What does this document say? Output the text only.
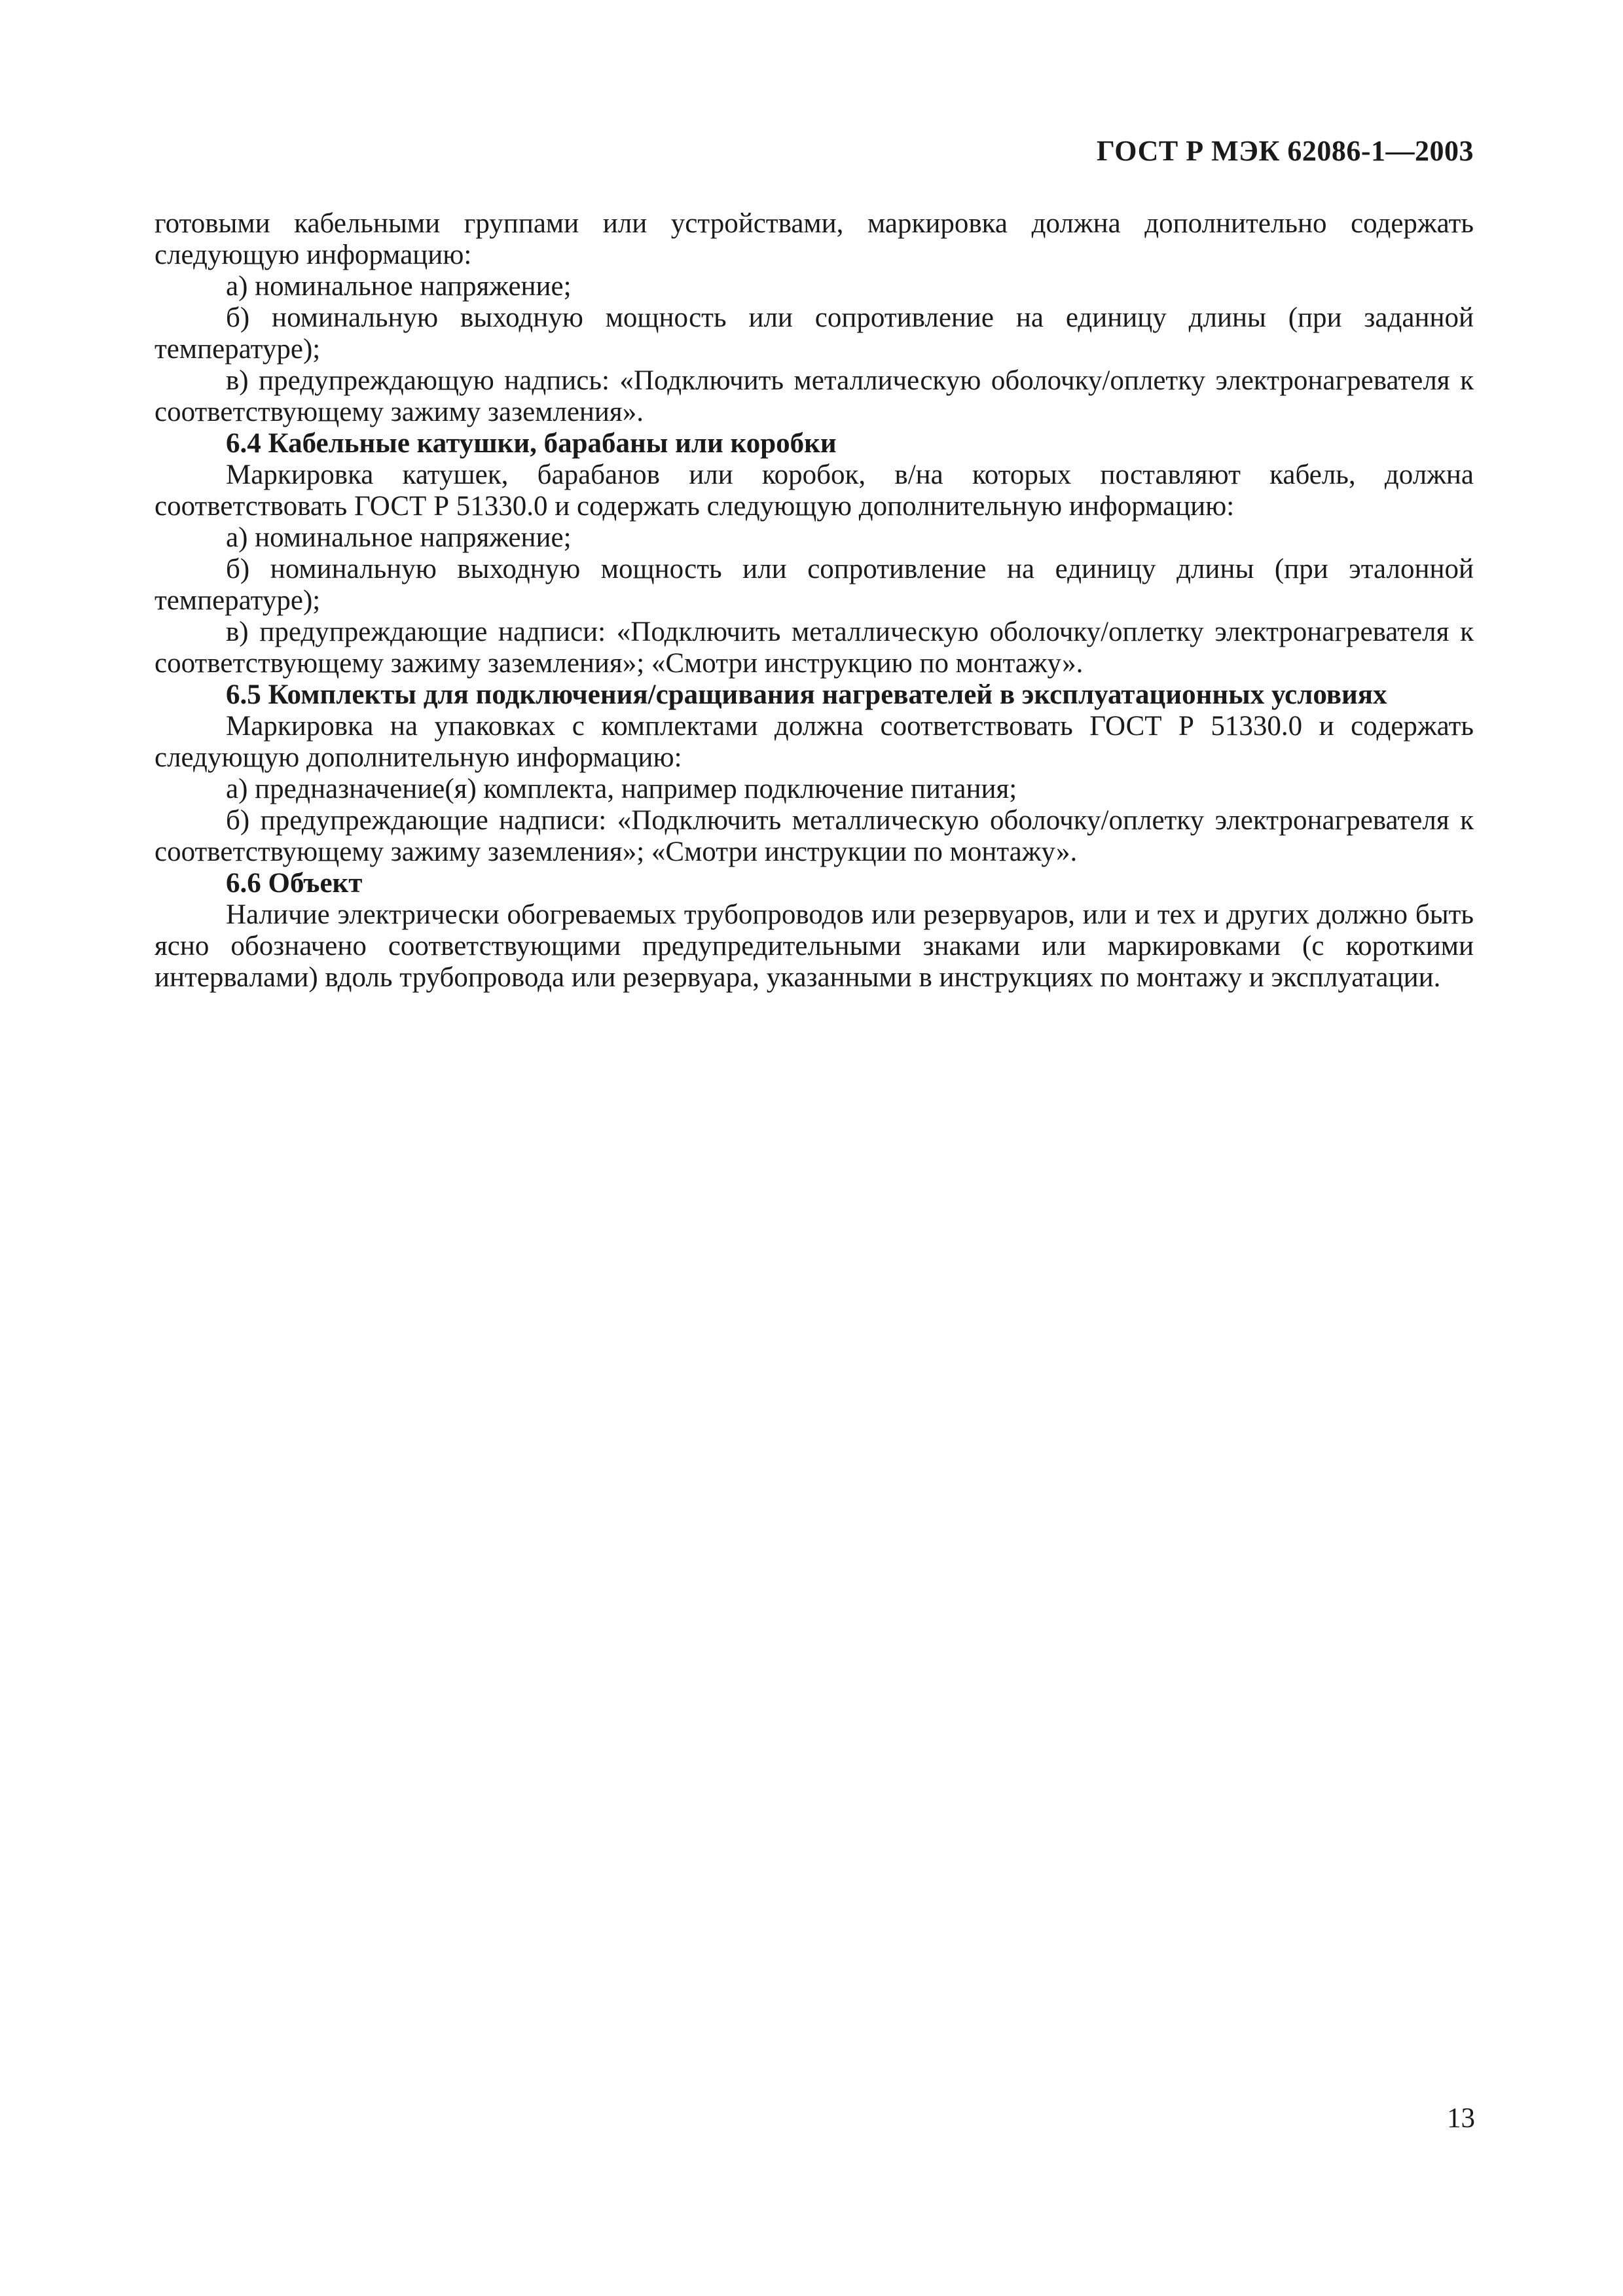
ГОСТ Р МЭК 62086-1—2003

готовыми кабельными группами или устройствами, маркировка должна дополнительно содержать следующую информацию:

а) номинальное напряжение;

б) номинальную выходную мощность или сопротивление на единицу длины (при заданной температуре);

в) предупреждающую надпись: «Подключить металлическую оболочку/оплетку электронагревателя к соответствующему зажиму заземления».

6.4 Кабельные катушки, барабаны или коробки

Маркировка катушек, барабанов или коробок, в/на которых поставляют кабель, должна соответствовать ГОСТ Р 51330.0 и содержать следующую дополнительную информацию:

а) номинальное напряжение;

б) номинальную выходную мощность или сопротивление на единицу длины (при эталонной температуре);

в) предупреждающие надписи: «Подключить металлическую оболочку/оплетку электронагревателя к соответствующему зажиму заземления»; «Смотри инструкцию по монтажу».

6.5 Комплекты для подключения/сращивания нагревателей в эксплуатационных условиях

Маркировка на упаковках с комплектами должна соответствовать ГОСТ Р 51330.0 и содержать следующую дополнительную информацию:

а) предназначение(я) комплекта, например подключение питания;

б) предупреждающие надписи: «Подключить металлическую оболочку/оплетку электронагревателя к соответствующему зажиму заземления»; «Смотри инструкции по монтажу».

6.6 Объект

Наличие электрически обогреваемых трубопроводов или резервуаров, или и тех и других должно быть ясно обозначено соответствующими предупредительными знаками или маркировками (с короткими интервалами) вдоль трубопровода или резервуара, указанными в инструкциях по монтажу и эксплуатации.

13
